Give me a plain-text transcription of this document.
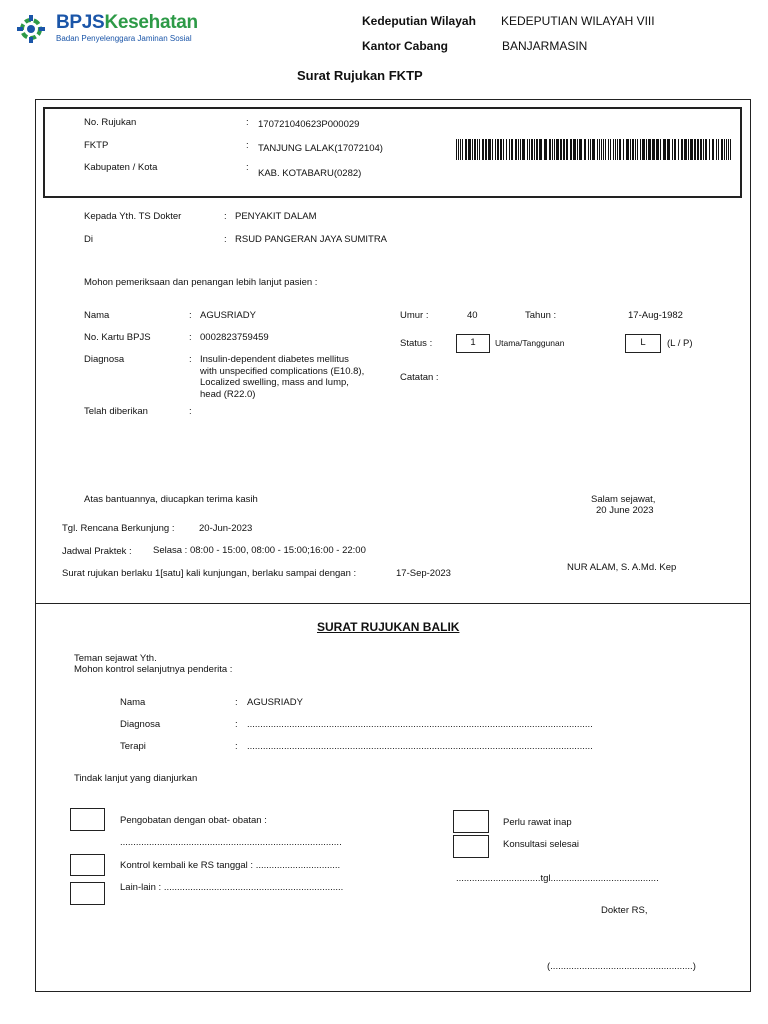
BPJSKesehatan
Badan Penyelenggara Jaminan Sosial
Kedeputian Wilayah KEDEPUTIAN WILAYAH VIII
Kantor Cabang	BANJARMASIN
Surat Rujukan FKTP
No. Rujukan	: 170721040623P000029
FKTP	: TANJUNG LALAK(17072104)
Kabupaten / Kota	:
KAB. KOTABARU(0282)
Kepada Yth. TS Dokter	: PENYAKIT DALAM
Di	: RSUD PANGERAN JAYA SUMITRA
Mohon pemeriksaan dan penangan lebih lanjut pasien :
Nama	: AGUSRIADY
No. Kartu BPJS	: 0002823759459
Diagnosa	: Insulin-dependent diabetes mellitus
with unspecified complications (E10.8),
Localized swelling, mass and lump,
head (R22.0)
Telah diberikan	:
Umur :	40	Tahun :	17-Aug-1982
Status :	1	Utama/Tanggunan	L	(L / P)
Catatan :
Atas bantuannya, diucapkan terima kasih	Salam sejawat,
20 June 2023
Tgl. Rencana Berkunjung :	20-Jun-2023
Jadwal Praktek : Selasa : 08:00 - 15:00, 08:00 - 15:00;16:00 - 22:00
Surat rujukan berlaku 1[satu] kali kunjungan, berlaku sampai dengan :	17-Sep-2023
NUR ALAM, S. A.Md. Kep
SURAT RUJUKAN BALIK
Teman sejawat Yth.
Mohon kontrol selanjutnya penderita :
Nama	: AGUSRIADY
Diagnosa	: ...................................................................................................................................
Terapi	: ...................................................................................................................................
Tindak lanjut yang dianjurkan
Pengobatan dengan obat- obatan :
....................................................................................
Kontrol kembali ke RS tanggal : ................................
Lain-lain : ....................................................................
Perlu rawat inap
Konsultasi selesai
................................tgl.........................................
Dokter RS,
(......................................................)
